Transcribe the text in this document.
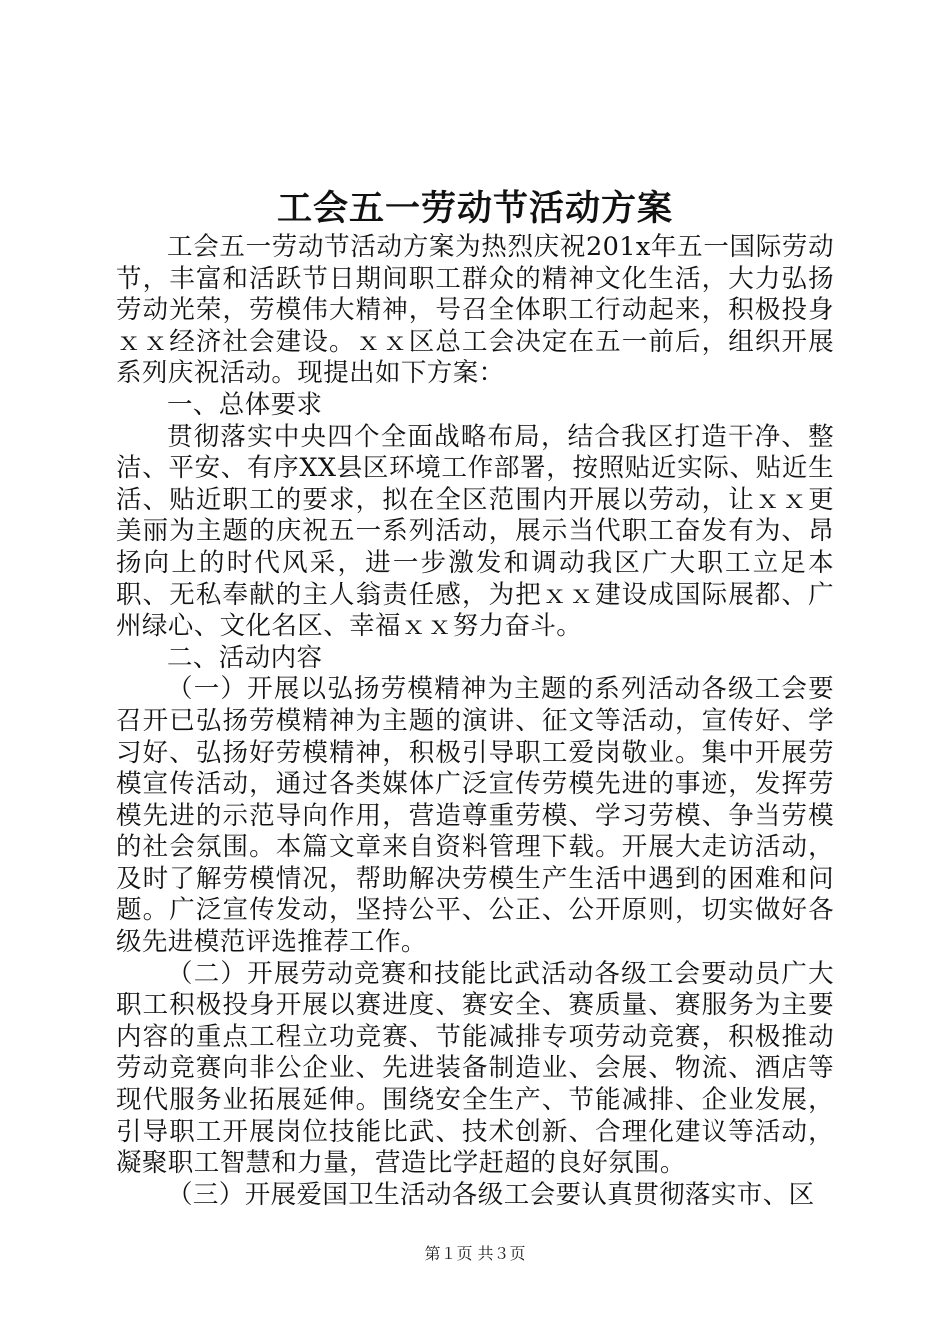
工会五一劳动节活动方案

工会五一劳动节活动方案为热烈庆祝201x年五一国际劳动节，丰富和活跃节日期间职工群众的精神文化生活，大力弘扬劳动光荣，劳模伟大精神，号召全体职工行动起来，积极投身ｘｘ经济社会建设。ｘｘ区总工会决定在五一前后，组织开展系列庆祝活动。现提出如下方案：

一、总体要求

贯彻落实中央四个全面战略布局，结合我区打造干净、整洁、平安、有序XX县区环境工作部署，按照贴近实际、贴近生活、贴近职工的要求，拟在全区范围内开展以劳动，让ｘｘ更美丽为主题的庆祝五一系列活动，展示当代职工奋发有为、昂扬向上的时代风采，进一步激发和调动我区广大职工立足本职、无私奉献的主人翁责任感，为把ｘｘ建设成国际展都、广州绿心、文化名区、幸福ｘｘ努力奋斗。

二、活动内容

（一）开展以弘扬劳模精神为主题的系列活动各级工会要召开已弘扬劳模精神为主题的演讲、征文等活动，宣传好、学习好、弘扬好劳模精神，积极引导职工爱岗敬业。集中开展劳模宣传活动，通过各类媒体广泛宣传劳模先进的事迹，发挥劳模先进的示范导向作用，营造尊重劳模、学习劳模、争当劳模的社会氛围。本篇文章来自资料管理下载。开展大走访活动，及时了解劳模情况，帮助解决劳模生产生活中遇到的困难和问题。广泛宣传发动，坚持公平、公正、公开原则，切实做好各级先进模范评选推荐工作。

（二）开展劳动竞赛和技能比武活动各级工会要动员广大职工积极投身开展以赛进度、赛安全、赛质量、赛服务为主要内容的重点工程立功竞赛、节能减排专项劳动竞赛，积极推动劳动竞赛向非公企业、先进装备制造业、会展、物流、酒店等现代服务业拓展延伸。围绕安全生产、节能减排、企业发展，引导职工开展岗位技能比武、技术创新、合理化建议等活动，凝聚职工智慧和力量，营造比学赶超的良好氛围。

（三）开展爱国卫生活动各级工会要认真贯彻落实市、区

第１页 共３页
